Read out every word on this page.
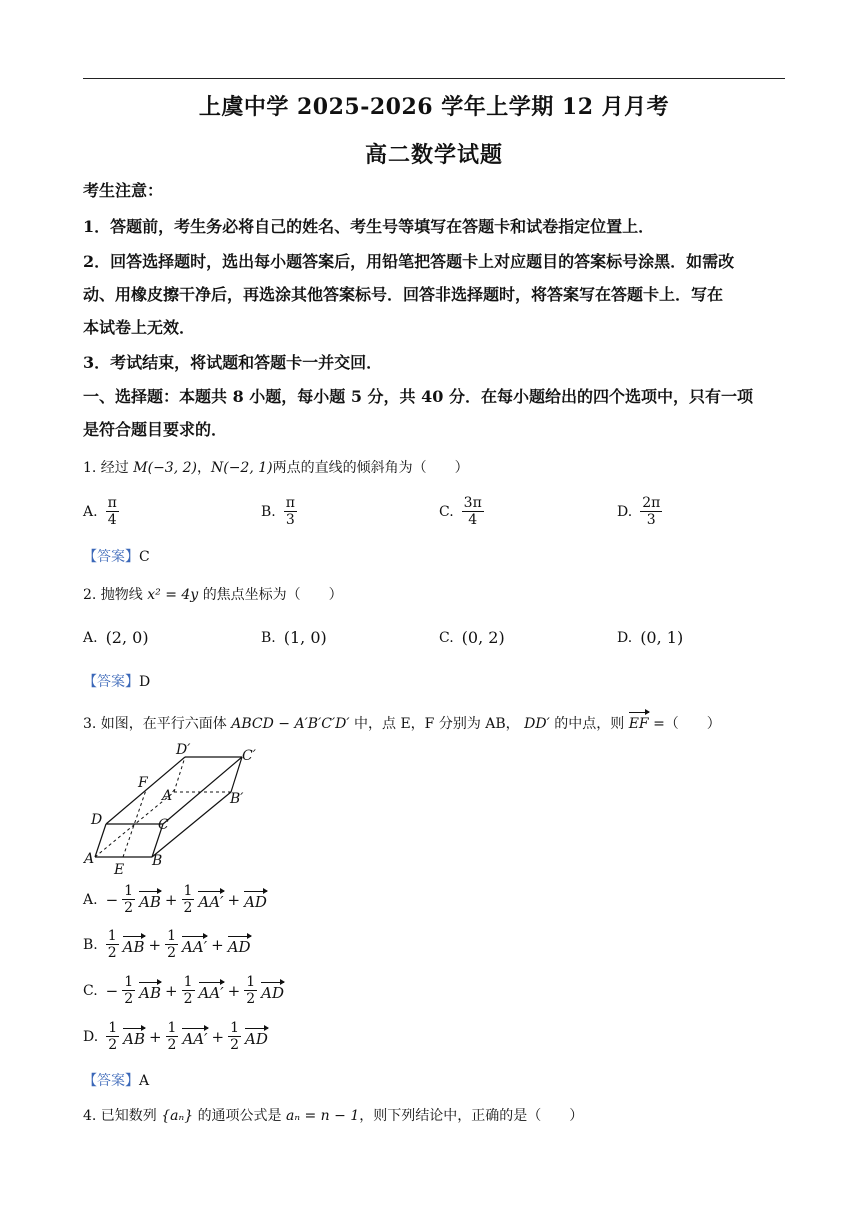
上虞中学 2025-2026 学年上学期 12 月月考
高二数学试题
考生注意：
1．答题前，考生务必将自己的姓名、考生号等填写在答题卡和试卷指定位置上．
2．回答选择题时，选出每小题答案后，用铅笔把答题卡上对应题目的答案标号涂黑．如需改
动、用橡皮擦干净后，再选涂其他答案标号．回答非选择题时，将答案写在答题卡上．写在
本试卷上无效．
3．考试结束，将试题和答题卡一并交回．
一、选择题：本题共 8 小题，每小题 5 分，共 40 分．在每小题给出的四个选项中，只有一项
是符合题目要求的．
1. 经过 M(−3, 2)，N(−2, 1)两点的直线的倾斜角为（　　）
A. $\frac{\pi}{4}$	B. $\frac{\pi}{3}$	C. $\frac{3\pi}{4}$	D. $\frac{2\pi}{3}$
【答案】C
2. 抛物线 x² = 4y 的焦点坐标为（　　）
A. (2, 0)	B. (1, 0)	C. (0, 2)	D. (0, 1)
【答案】D
3. 如图，在平行六面体 ABCD − A′B′C′D′ 中，点 E，F 分别为 AB， DD′ 的中点，则 EF =（　　）
D′	C′
F
A′	B′
D	C
A	B
E
A. − $\frac{1}{2}$ AB + $\frac{1}{2} AA'$ + AD
B. $\frac{1}{2}$ AB + $\frac{1}{2} AA'$ + AD
C. − $\frac{1}{2}$ AB + $\frac{1}{2} AA' + \frac{1}{2}$ AD
D. $\frac{1}{2}$ AB + $\frac{1}{2} AA' + \frac{1}{2}$ AD
【答案】A
4. 已知数列 {aₙ} 的通项公式是 aₙ = n − 1，则下列结论中，正确的是（　　）
